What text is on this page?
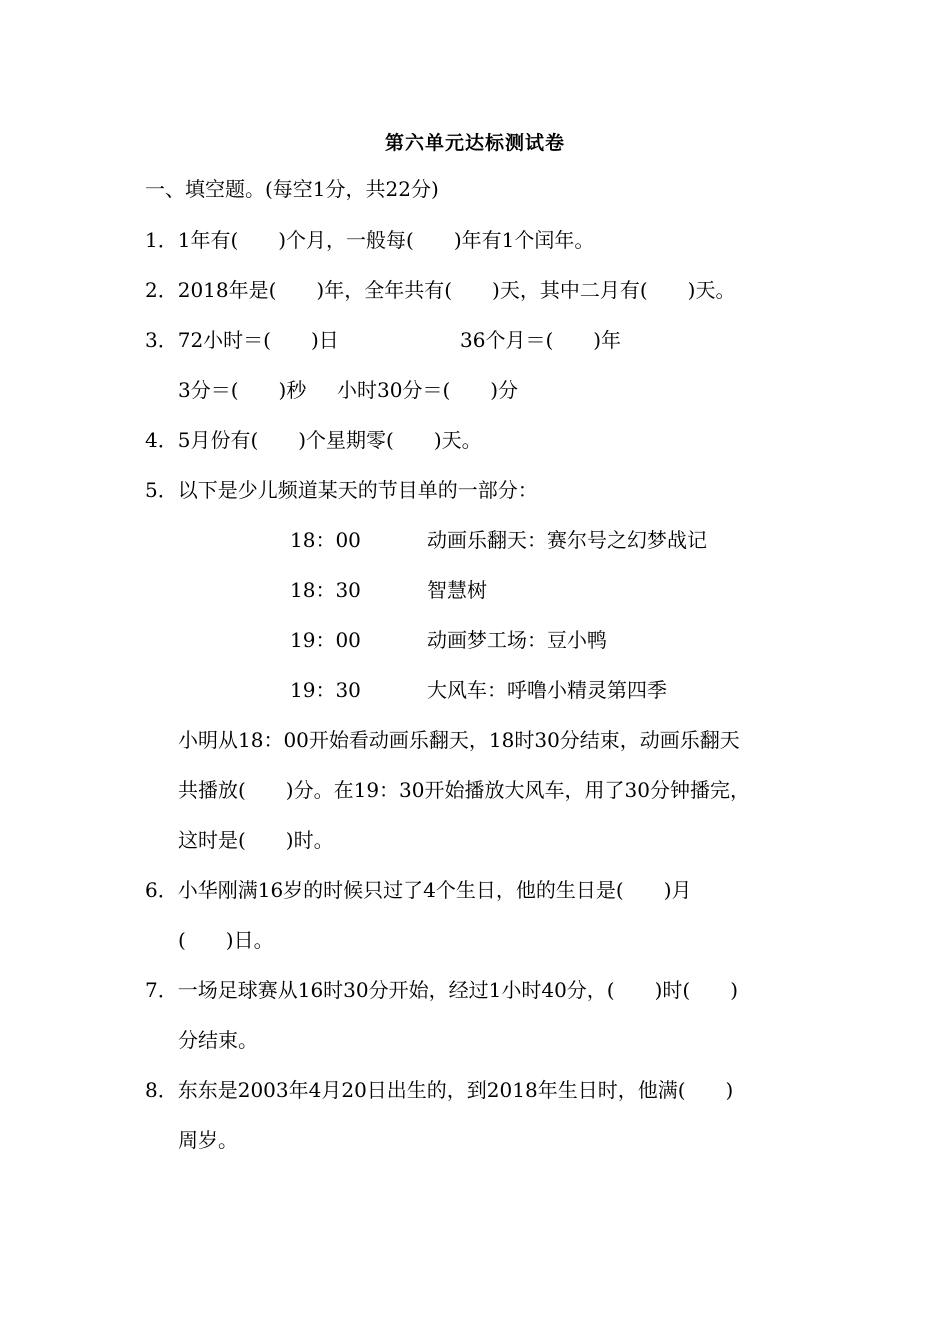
第六单元达标测试卷
一、填空题。(每空1分，共22分)
1．1年有(　　)个月，一般每(　　)年有1个闰年。
2．2018年是(　　)年，全年共有(　　)天，其中二月有(　　)天。
3．72小时＝(　　)日	36个月＝(　　)年
3分＝(　　)秒 小时30分＝(　　)分
4．5月份有(　　)个星期零(　　)天。
5．以下是少儿频道某天的节目单的一部分：
18：00	动画乐翻天：赛尔号之幻梦战记
18：30	智慧树
19：00	动画梦工场：豆小鸭
19：30	大风车：呼噜小精灵第四季
小明从18：00开始看动画乐翻天，18时30分结束，动画乐翻天
共播放(　　)分。在19：30开始播放大风车，用了30分钟播完，
这时是(　　)时。
6．小华刚满16岁的时候只过了4个生日，他的生日是(　　)月
(　　)日。
7．一场足球赛从16时30分开始，经过1小时40分，(　　)时(　　)
分结束。
8．东东是2003年4月20日出生的，到2018年生日时，他满(　　)
周岁。
